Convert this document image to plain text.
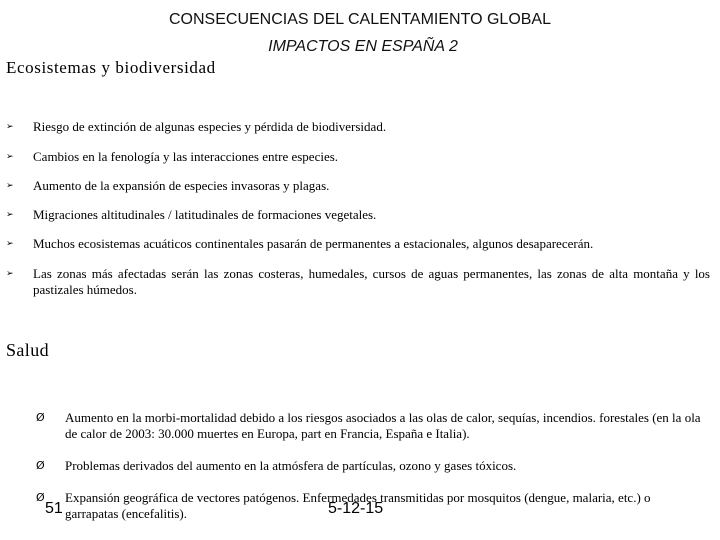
CONSECUENCIAS DEL CALENTAMIENTO GLOBAL
IMPACTOS EN ESPAÑA 2
Ecosistemas y biodiversidad
➢ Riesgo de extinción de algunas especies y pérdida de biodiversidad.
➢ Cambios en la fenología y las interacciones entre especies.
➢ Aumento de la expansión de especies invasoras y plagas.
➢ Migraciones altitudinales / latitudinales de formaciones vegetales.
➢ Muchos ecosistemas acuáticos continentales pasarán de permanentes a estacionales, algunos desaparecerán.
➢ Las zonas más afectadas serán las zonas costeras, humedales, cursos de aguas permanentes, las zonas de alta montaña y los pastizales húmedos.
Salud
Ø Aumento en la morbi-mortalidad debido a los riesgos asociados a las olas de calor, sequías, incendios. forestales (en la ola de calor de 2003: 30.000 muertes en Europa, part en Francia, España e Italia).
Ø Problemas derivados del aumento en la atmósfera de partículas, ozono y gases tóxicos.
Ø Expansión geográfica de vectores patógenos. Enfermedades transmitidas por mosquitos (dengue, malaria, etc.) o garrapatas (encefalitis).
51	5-12-15
